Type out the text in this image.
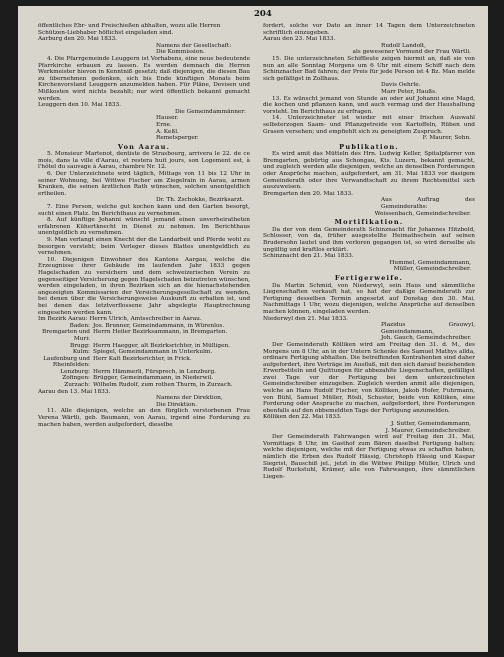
204
öffentliches Ehr- und Freischießen abhalten, wozu alle Herren
Schützen-Liebhaber höflichst eingeladen sind.
Aarburg den 20. Mai 1833.
Namens der Gesellschaft:
Die Kommission.
4. Die Pfarrgemeinde Leuggern ist Vorhabens, eine neue bedeutende Pfarrkirche erbauen zu lassen. Es werden demnach die Herren Werkmeister hievon in Kenntniß gesetzt; daß diejenigen, die diesen Bau zu übernehmen gedenken, sich bis Ende künftigen Monats beim Kirchenvorstand Leuggern anzumelden haben. Für Pläne, Devisen und Mißkosten wird nichts bezahlt; nur wird öffentlich bekannt gemacht werden.
Leuggern den 10. Mai 1833.
Die Gemeindammänner:
Hauser.
Erne.
A. Keßl.
Remetsperger.
Von Aarau.
5. Monsieur Martenot, dentiste de Strasbourg, arrivera le 22. de ce mois, dans la ville d'Aarau, et restera huit jours, son Logement est, à l'hôtel du sauvage à Aarau, chambre Nr. 12.
6. Der Unterzeichnete wird täglich, Mittags von 11 bis 12 Uhr in seiner Wohnung, bei Wittwe Fischer am Ziegelrain in Aarau, armen Kranken, die seinen ärztlichen Rath wünschen, solchen unentgeldlich ertheilen.
Dr. Th. Zschokke, Bezirksarzt.
7. Eine Person, welche gut kochen kann und den Garten besorgt, sucht einen Platz. Im Berichthaus zu vernehmen.
8. Auf künftige Johanni wünscht jemand einen unverheiratheten erfahrenen Kühertknecht in Dienst zu nehmen. Im Berichthaus unentgeldlich zu vernehmen.
9. Man verlangt einen Knecht der die Landarbeit und Pferde wohl zu besorgen versteht; beim Verleger dieses Blattes unentgeldlich zu vernehmen.
10. Diejenigen Einwohner des Kantons Aargau, welche die Erzeugnisse ihrer Gebäude im laufenden Jahr 1833 gegen Hagelschaden zu versichern und dem schweizerischen Verein zu gegenseitiger Versicherung gegen Hagelschaden beizutreten wünschen, werden eingeladen, in ihren Bezirken sich an die hienachstehenden angezeigten Kommissarien der Versicherungsgesellschaft zu wenden, bei denen über die Versicherungsweise Auskunft zu erhalten ist, und bei denen das letztverflossene Jahr abgelegte Hauptrechnung eingesehen werden kann.
Im Bezirk Aarau: Herrn Ulrich, Amtsschreiber in Aarau.
Baden: Jos. Brunner, Gemeindammann, in Würenlos.
Bremgarten und Muri:
Herrn Heiler Bezirksammann, in Bremgarten.
Brugg: Herrn Haegger, alt Bezirksrichter, in Mülligen.
Kulm: Spiegel, Gemeindammann in Unterkulm.
Laufenburg und Rheinfelden:
Herr Kalt Bezirksrichter, in Frick.
Lenzburg: Herrn Hämmerli, Fürsprech, in Lenzburg.
Zofingen: Brügger, Gemeindammann, in Niederwil.
Zurzach: Wilhelm Rudolf, zum rothen Thurm, in Zurzach.
Aarau den 13. Mai 1833.
Namens der Direktion,
Die Direktion.
11. Alle diejenigen, welche an den fürglich verstorbenen Frau Verena Wärtli, geb. Baumann, von Aarau, irgend eine Forderung zu machen haben, werden aufgefordert, dieselbe
fordert, solche vor Dato an inner 14 Tagen dem Unterzeichneten schriftlich einzugeben.
Aarau den 23. Mai 1833.
Rudolf Landolt,
als gewesener Vormund der Frau Wärtli.
15. Die unterzeichneten Schiffleute zeigen hiermit an, daß sie von nun an alle Sonntag Morgens um 6 Uhr mit einem Schiff nach dem Schinznacher Bad fahren; der Preis für jede Person ist 4 Bz. Man melde sich gefälligst in Zollhaus.
Davis Oehrle.
Marr Peter, Haußs.
13. Es wünscht jemand von Stunde an oder auf Johanni eine Magd, die kochen und pflanzen kann, und auch vermag und der Haushaltung vorsteht. Im Berichthaus zu erfragen.
14. Unterzeichneter ist wieder mit einer frischen Auswahl selbsterzogen Saam- und Pflanzgetreide von Kartoffeln, Rüben und Grasen versehen; und empfiehlt sich zu geneigtem Zuspruch.
F. Maurer, Sohn.
Publikation.
Es wird amit das Mütteln des Hrn. Ludwig Keller, Spitalpfarrer von Bremgarten, gebürtig aus Schongau, Kts. Luzern, bekannt gemacht, und zugleich werden alle diejenigen, welche an denselben Forderungen oder Ansprüche machen, aufgefordert, am 31. Mai 1833 vor dasigem Gemeinderath oder ihre Verwandtschaft zu ihrem Rechtsmittel sich auszuweisen.
Bremgarten den 20. Mai 1833.
Aus Auftrag des Gemeinderaths:
Weissenbach, Gemeindschreiber.
Mortifikation.
Da der von dem Gemeinderath Schinznacht für Johannes Hitzbold, Schlosser, von da, früher ausgestellte Heimathschein auf seinen Brudersohn lautet und ihm verloren gegangen ist, so wird derselbe als ungültig und kraftlos erklärt.
Schinznacht den 21. Mai 1833.
Hummel, Gemeindammann,
Müller, Gemeindschreiber.
Fertigerweife.
Da Martin Schmid, von Niederwyl, sein Haus und sämmtliche Liegenschaften verkauft hat, so hat der daßige Gemeinderath zur Fertigung desselben Termin angesetzt auf Donstag den 30. Mai, Nachmittags 1 Uhr, wozu diejenigen, welche Ansprüche auf denselben machen können, eingeladen werden.
Niederwyl den 21. Mai 1833.
Plazidus Grauwyl, Gemeindammann,
Joh. Gauch, Gemeindschreiber.
Der Gemeinderath Kölliken wird am Freitag den 31. d. M., des Morgens um 8 Uhr, an in der Untern Schenke des Samuel Mathys allda, ordinare Fertigung abhalten. Die betreffenden Kontrahenten sind daher aufgefordert, ihre Verträge im Ausfluß, mit den sich darauf beziehenden Erwerbstiteln und Quittungen für abbezahlte Liegenschaften, gefälligst zwei Tage vor der Fertigung bei dem unterzeichneten Gemeindschreiber einzugeben. Zugleich werden anmit alle diejenigen, welche an Hans Rudolf Fischer, von Kölliken, Jakob Hofer, Fuhrmann, von Bühl, Samuel Müller, Rösli, Schuster, beide von Kölliken, eine Forderung oder Ansprache zu machen, aufgefordert, ihre Forderungen ebenfalls auf den obbemeldten Tage der Fertigung anzumelden.
Kölliken den 22. Mai 1833.
J. Sutter, Gemeindammann,
J. Maurer, Gemeindschreiber.
Der Gemeinderath Fahrwangen wird auf Freitag den 31. Mai, Vormittags 8 Uhr, im Gasthof zum Bären daselbst Fertigung halten; welche diejenigen, welche mit der Fertigung etwas zu schaffen haben, nämlich die Erben des Rudolf Hässig, Christoph Hässig und Kaspar Siegrist, Bauschiß jel., jetzt in die Wittwe Philipp Müller, Ulrich und Rudolf Ruckstuhl, Krämer, alle von Fahrwangen, ihre sämmtlichen Liegen-
